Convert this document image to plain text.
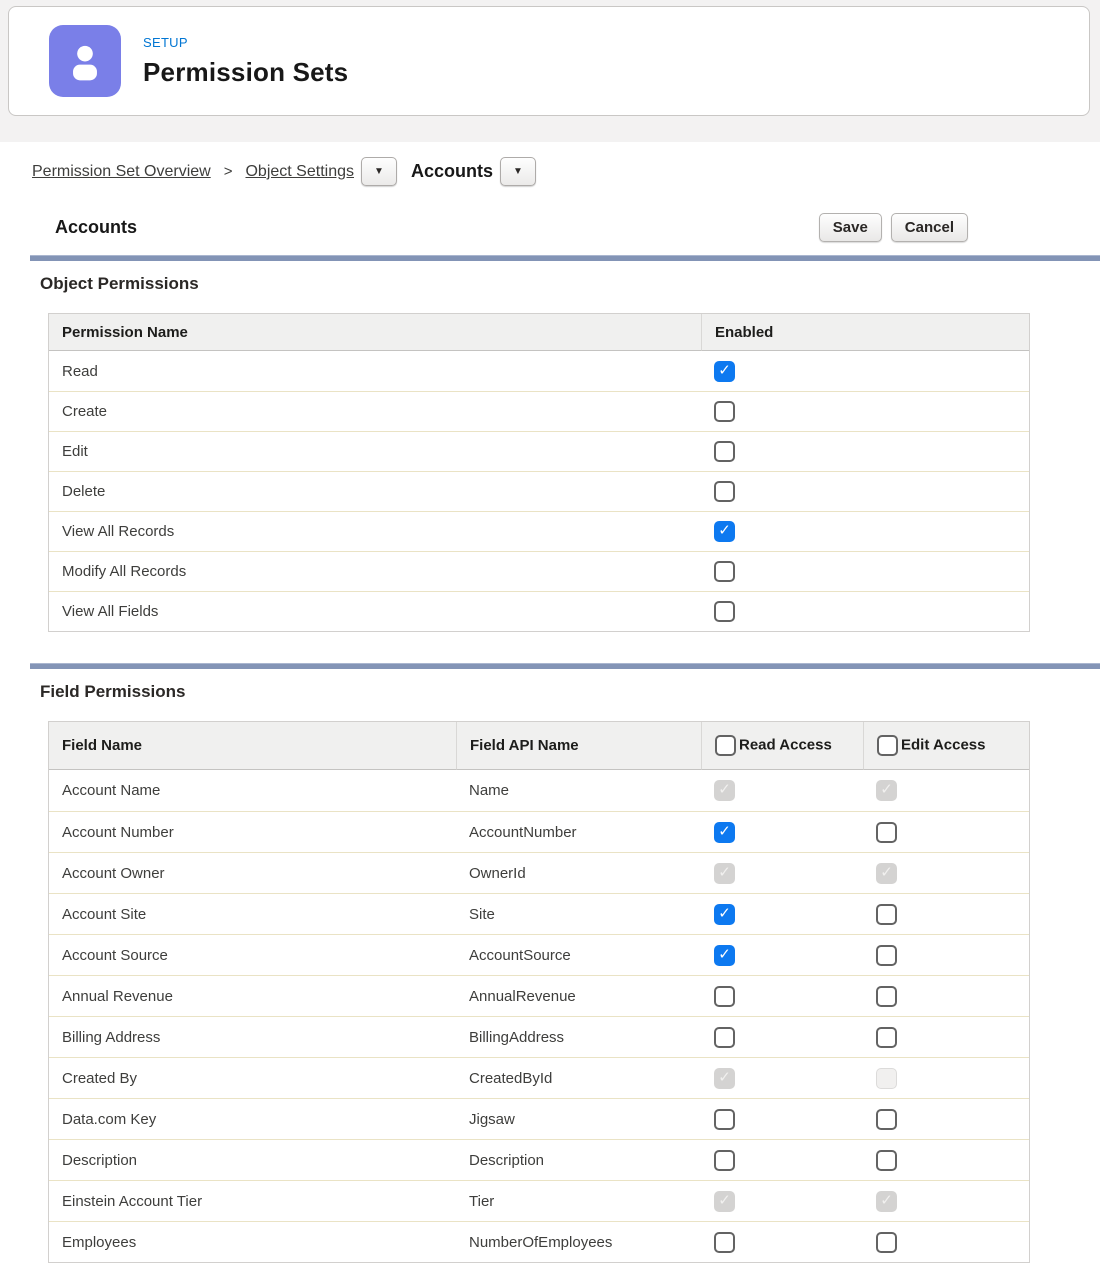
SETUP
Permission Sets
Permission Set Overview > Object Settings ▼ Accounts ▼
Accounts	Save	Cancel
Object Permissions
Permission Name	Enabled
Read	✓
Create	
Edit	
Delete	
View All Records	✓
Modify All Records	
View All Fields	
Field Permissions
Field Name	Field API Name	Read Access	Edit Access
Account Name	Name	✓	✓
Account Number	AccountNumber	✓	
Account Owner	OwnerId	✓	✓
Account Site	Site	✓	
Account Source	AccountSource	✓	
Annual Revenue	AnnualRevenue		
Billing Address	BillingAddress		
Created By	CreatedById	✓	
Data.com Key	Jigsaw		
Description	Description		
Einstein Account Tier	Tier	✓	✓
Employees	NumberOfEmployees		
